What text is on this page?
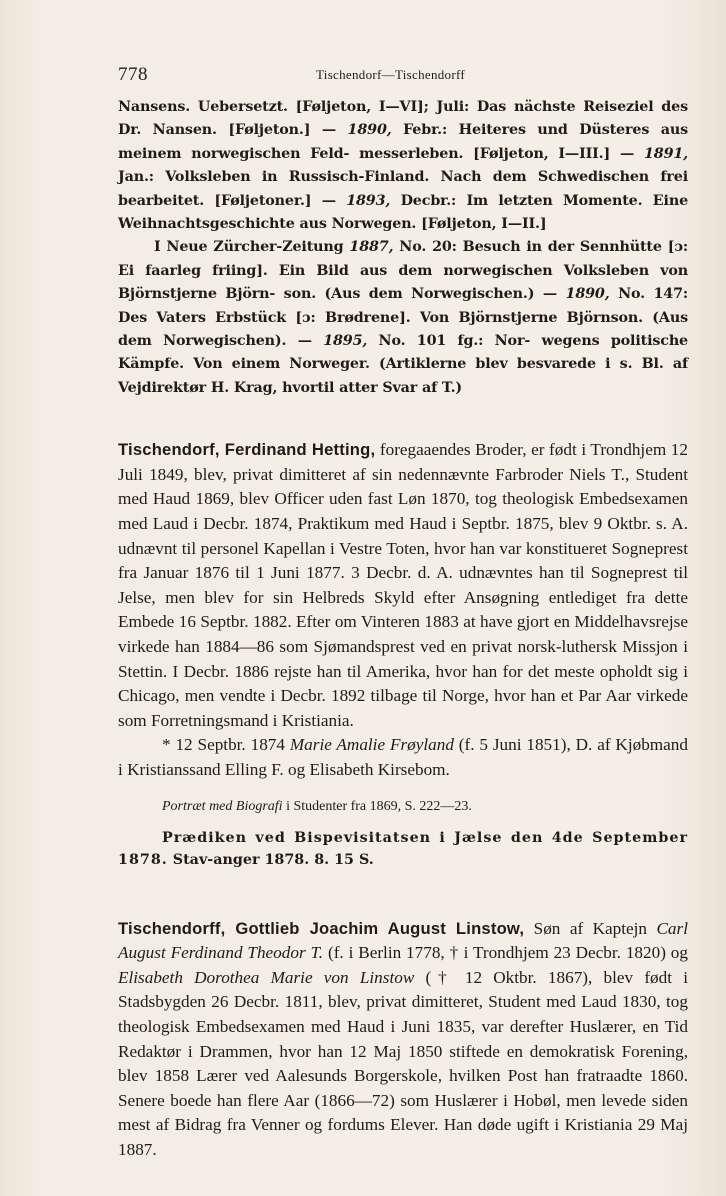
778	Tischendorf—Tischendorff

Nansens. Uebersetzt. [Føljeton, I—VI]; Juli: Das nächste Reiseziel des Dr. Nansen. [Føljeton.] — 1890, Febr.: Heiteres und Düsteres aus meinem norwegischen Feld- messerleben. [Føljeton, I—III.] — 1891, Jan.: Volksleben in Russisch-Finland. Nach dem Schwedischen frei bearbeitet. [Føljetoner.] — 1893, Decbr.: Im letzten Momente. Eine Weihnachtsgeschichte aus Norwegen. [Føljeton, I—II.]
I Neue Zürcher-Zeitung 1887, No. 20: Besuch in der Sennhütte [ɔ: Ei faarleg friing]. Ein Bild aus dem norwegischen Volksleben von Björnstjerne Björn- son. (Aus dem Norwegischen.) — 1890, No. 147: Des Vaters Erbstück [ɔ: Brødrene]. Von Björnstjerne Björnson. (Aus dem Norwegischen). — 1895, No. 101 fg.: Nor- wegens politische Kämpfe. Von einem Norweger. (Artiklerne blev besvarede i s. Bl. af Vejdirektør H. Krag, hvortil atter Svar af T.)

Tischendorf, Ferdinand Hetting, foregaaendes Broder, er født i Trondhjem 12 Juli 1849, blev, privat dimitteret af sin nedennævnte Farbroder Niels T., Student med Haud 1869, blev Officer uden fast Løn 1870, tog theologisk Embedsexamen med Laud i Decbr. 1874, Praktikum med Haud i Septbr. 1875, blev 9 Oktbr. s. A. udnævnt til personel Kapellan i Vestre Toten, hvor han var konstitueret Sogneprest fra Januar 1876 til 1 Juni 1877. 3 Decbr. d. A. udnævntes han til Sogneprest til Jelse, men blev for sin Helbreds Skyld efter Ansøgning entlediget fra dette Embede 16 Septbr. 1882. Efter om Vinteren 1883 at have gjort en Middelhavsrejse virkede han 1884—86 som Sjømandsprest ved en privat norsk-luthersk Missjon i Stettin. I Decbr. 1886 rejste han til Amerika, hvor han for det meste opholdt sig i Chicago, men vendte i Decbr. 1892 tilbage til Norge, hvor han et Par Aar virkede som Forretningsmand i Kristiania.

* 12 Septbr. 1874 Marie Amalie Frøyland (f. 5 Juni 1851), D. af Kjøbmand i Kristianssand Elling F. og Elisabeth Kirsebom.

Portræt med Biografi i Studenter fra 1869, S. 222—23.

Prædiken ved Bispevisitatsen i Jælse den 4de September 1878. Stav-anger 1878. 8. 15 S.

Tischendorff, Gottlieb Joachim August Linstow, Søn af Kaptejn Carl August Ferdinand Theodor T. (f. i Berlin 1778, † i Trondhjem 23 Decbr. 1820) og Elisabeth Dorothea Marie von Linstow († 12 Oktbr. 1867), blev født i Stadsbygden 26 Decbr. 1811, blev, privat dimitteret, Student med Laud 1830, tog theologisk Embedsexamen med Haud i Juni 1835, var derefter Huslærer, en Tid Redaktør i Drammen, hvor han 12 Maj 1850 stiftede en demokratisk Forening, blev 1858 Lærer ved Aalesunds Borgerskole, hvilken Post han fratraadte 1860. Senere boede han flere Aar (1866—72) som Huslærer i Hobøl, men levede siden mest af Bidrag fra Venner og fordums Elever. Han døde ugift i Kristiania 29 Maj 1887.
